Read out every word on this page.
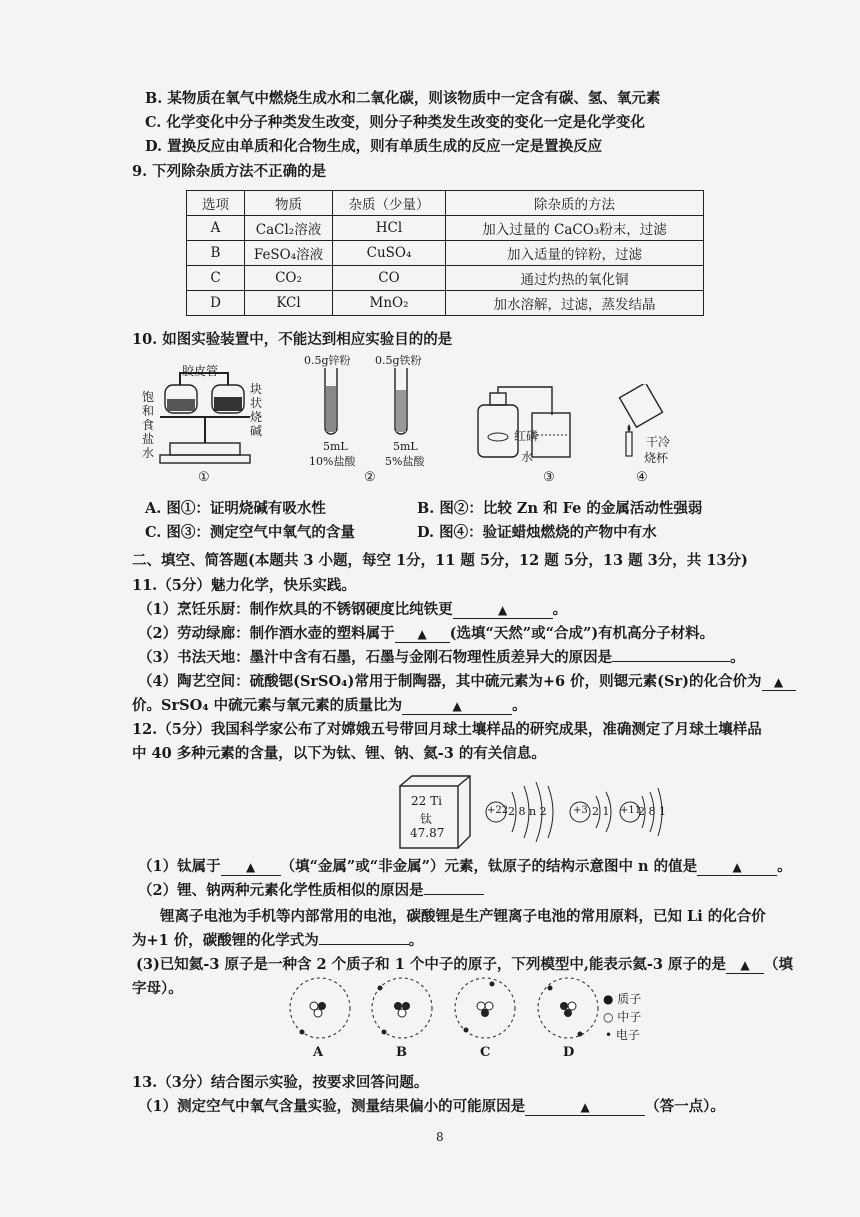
B. 某物质在氧气中燃烧生成水和二氧化碳，则该物质中一定含有碳、氢、氧元素
C. 化学变化中分子种类发生改变，则分子种类发生改变的变化一定是化学变化
D. 置换反应由单质和化合物生成，则有单质生成的反应一定是置换反应
9. 下列除杂质方法不正确的是
选项	物质	杂质（少量）	除杂质的方法
A	CaCl₂溶液	HCl	加入过量的 CaCO₃粉末，过滤
B	FeSO₄溶液	CuSO₄	加入适量的锌粉，过滤
C	CO₂	CO	通过灼热的氧化铜
D	KCl	MnO₂	加水溶解，过滤，蒸发结晶
10. 如图实验装置中，不能达到相应实验目的的是
胶皮管
饱和食盐水
块状烧碱
①
0.5g锌粉 0.5g铁粉
5mL
10%盐酸
5mL
5%盐酸
②
红磷
水
③
干冷
烧杯
④
A. 图①：证明烧碱有吸水性	B. 图②：比较 Zn 和 Fe 的金属活动性强弱
C. 图③：测定空气中氧气的含量	D. 图④：验证蜡烛燃烧的产物中有水
二、填空、简答题(本题共 3 小题，每空 1分，11 题 5分，12 题 5分，13 题 3分，共 13分)
11.（5分）魅力化学，快乐实践。
（1）烹饪乐厨：制作炊具的不锈钢硬度比纯铁更	▲	。
（2）劳动绿廊：制作酒水壶的塑料属于 ▲ (选填“天然”或“合成”)有机高分子材料。
（3）书法天地：墨汁中含有石墨，石墨与金刚石物理性质差异大的原因是	。
（4）陶艺空间：硫酸锶(SrSO₄)常用于制陶器，其中硫元素为+6 价，则锶元素(Sr)的化合价为 ▲
价。SrSO₄ 中硫元素与氧元素的质量比为	▲	。
12.（5分）我国科学家公布了对嫦娥五号带回月球土壤样品的研究成果，准确测定了月球土壤样品
中 40 多种元素的含量，以下为钛、锂、钠、氦-3 的有关信息。
22 Ti
钛
47.87
+22 2 8 n 2	+3 2 1 +11
2 8 1
（1）钛属于 ▲ （填“金属”或“非金属”）元素，钛原子的结构示意图中 n 的值是	▲ 。
（2）锂、钠两种元素化学性质相似的原因是
锂离子电池为手机等内部常用的电池，碳酸锂是生产锂离子电池的常用原料，已知 Li 的化合价
为+1 价，碳酸锂的化学式为	。
(3)已知氦-3 原子是一种含 2 个质子和 1 个中子的原子，下列模型中,能表示氦-3 原子的是 ▲ （填
字母）。
A	B	C	D
● 质子
○ 中子
• 电子
13.（3分）结合图示实验，按要求回答问题。
（1）测定空气中氧气含量实验，测量结果偏小的可能原因是	▲	（答一点）。
8
